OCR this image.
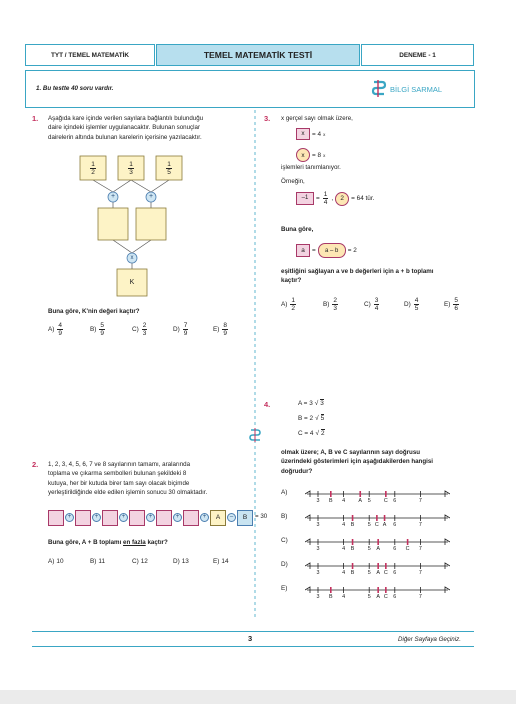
TYT / TEMEL MATEMATİK	TEMEL MATEMATİK TESTİ	DENEME - 1
1. Bu testte 40 soru vardır.	BİLGİ SARMAL
1. Aşağıda kare içinde verilen sayılara bağlantılı bulunduğu
daire içindeki işlemler uygulanacaktır. Bulunan sonuçlar
dairelerin altında bulunan karelerin içerisine yazılacaktır.
1
2
1
3
1
5
+	+
x
K
Buna göre, K'nin değeri kaçtır?
$A) \frac{4}{9}$	$B) \frac{5}{9}$	$C) \frac{2}{3}$	$D) \frac{7}{9}$	$E) \frac{8}{9}$
2. 1, 2, 3, 4, 5, 6, 7 ve 8 sayılarının tamamı, aralarında
toplama ve çıkarma sembolleri bulunan şekildeki 8
kutuya, her bir kutuda birer tam sayı olacak biçimde
yerleştirildiğinde elde edilen işlemin sonucu 30 olmaktadır.
+	+	+	+	+	+	A	–	B	= 30
Buna göre, A + B toplamı en fazla kaçtır?
A) 10	B) 11	C) 12	D) 13	E) 14
3. x gerçel sayı olmak üzere,
x	= 4 x
x	= 8 x
işlemleri tanımlanıyor.
Örneğin,
–1	= $\frac{1}{4}$ ,	2	= 64 tür.
Buna göre,
a	=	a – b	= 2
eşitliğini sağlayan a ve b değerleri için a + b toplamı
kaçtır?
$A) \frac{1}{2}$	$B) \frac{2}{3}$	$C) \frac{3}{4}$	$D) \frac{4}{5}$	$E) \frac{5}{6}$
4.	A = 3 √ 3
B = 2 √ 5
C = 4 √ 2
olmak üzere; A, B ve C sayılarının sayı doğrusu
üzerindeki gösterimleri için aşağıdakilerden hangisi
doğrudur?
A)
3 B 4 A 5 C 6	7
B)
3	4 B 5 C A 6	7
C)
3	4 B 5 A 6 C 7
D)
3	4 B 5 A C 6	7
E)
3 B 4	5 A C 6	7
3	Diğer Sayfaya Geçiniz.
